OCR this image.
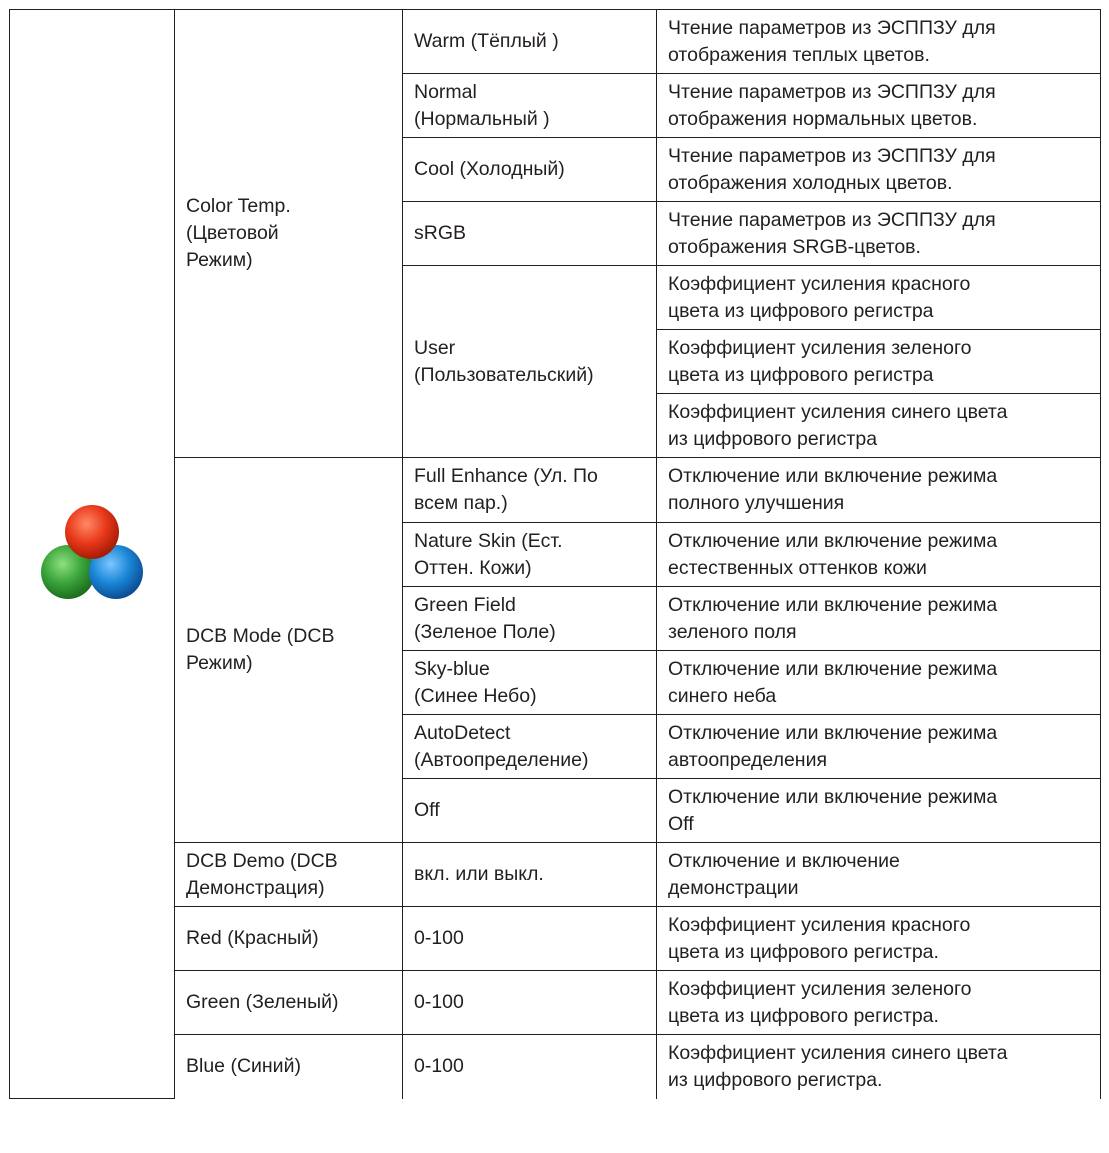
Color Temp.
(Цветовой
Режим)	Warm (Тёплый )	Чтение параметров из ЭСППЗУ для
отображения теплых цветов.

		Normal
(Нормальный )	Чтение параметров из ЭСППЗУ для
отображения нормальных цветов.

		Cool (Холодный)	Чтение параметров из ЭСППЗУ для
отображения холодных цветов.

		sRGB	Чтение параметров из ЭСППЗУ для
отображения SRGB-цветов.

		User
(Пользовательский)	Коэффициент усиления красного
цвета из цифрового регистра

			Коэффициент усиления зеленого
цвета из цифрового регистра

			Коэффициент усиления синего цвета
из цифрового регистра

	DCB Mode (DCB
Режим)	Full Enhance (Ул. По
всем пар.)	Отключение или включение режима
полного улучшения

		Nature Skin (Ест.
Оттен. Кожи)	Отключение или включение режима
естественных оттенков кожи

		Green Field
(Зеленое Поле)	Отключение или включение режима
зеленого поля

		Sky-blue
(Синее Небо)	Отключение или включение режима
синего неба

		AutoDetect
(Автоопределение)	Отключение или включение режима
автоопределения

		Off	Отключение или включение режима
Off

	DCB Demo (DCB
Демонстрация)	вкл. или выкл.	Отключение и включение
демонстрации

	Red (Красный)	0-100	Коэффициент усиления красного
цвета из цифрового регистра.

	Green (Зеленый)	0-100	Коэффициент усиления зеленого
цвета из цифрового регистра.

	Blue (Синий)	0-100	Коэффициент усиления синего цвета
из цифрового регистра.
